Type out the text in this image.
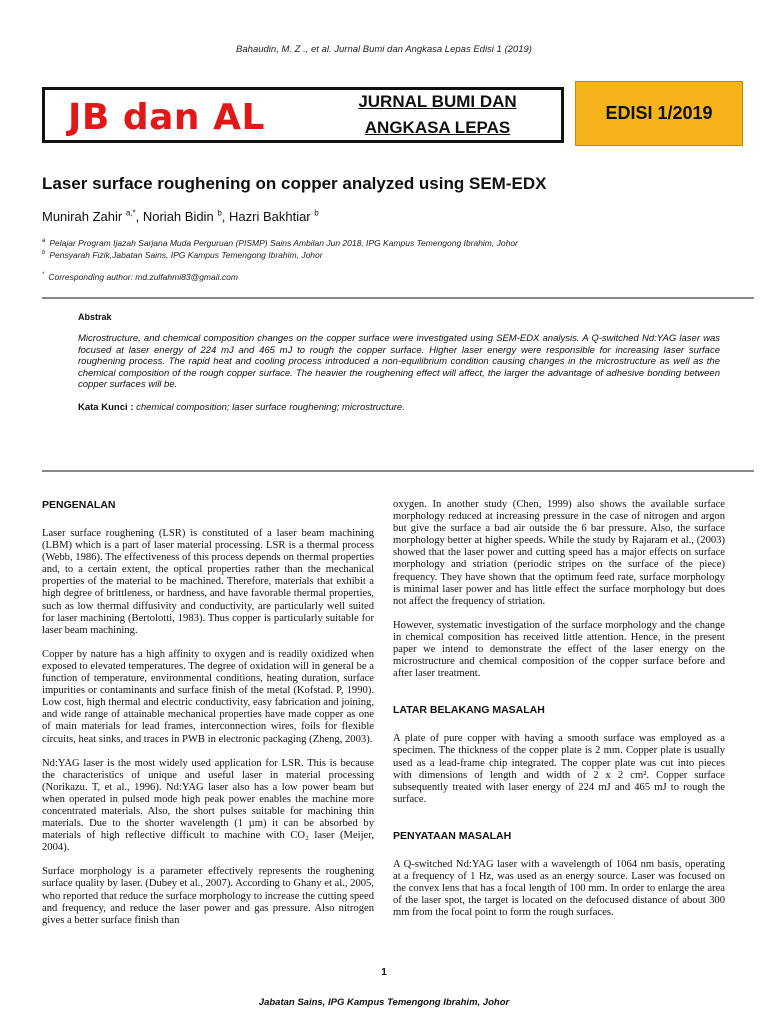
Bahaudin, M. Z ., et al. Jurnal Bumi dan Angkasa Lepas Edisi 1 (2019)
JB dan AL	JURNAL BUMI DAN
ANGKASA LEPAS
EDISI 1/2019
Laser surface roughening on copper analyzed using SEM-EDX
Munirah Zahir $^{a,*}$, Noriah Bidin $^b$, Hazri Bakhtiar $^b$
$^a$ Pelajar Program Ijazah Sarjana Muda Perguruan (PISMP) Sains Ambilan Jun 2018, IPG Kampus Temengong Ibrahim, Johor
$^b$ Pensyarah Fizik,Jabatan Sains, IPG Kampus Temengong Ibrahim, Johor
* Corresponding author: md.zulfahmi83@gmail.com
Abstrak
Microstructure, and chemical composition changes on the copper surface were investigated using SEM-EDX analysis. A Q-switched Nd:YAG laser was focused at laser energy of 224 mJ and 465 mJ to rough the copper surface. Higher laser energy were responsible for increasing laser surface roughening process. The rapid heat and cooling process introduced a non-equilibrium condition causing changes in the microstructure as well as the chemical composition of the rough copper surface. The heavier the roughening effect will affect, the larger the advantage of adhesive bonding between copper surfaces will be.
Kata Kunci : chemical composition; laser surface roughening; microstructure.
PENGENALAN

Laser surface roughening (LSR) is constituted of a laser beam machining (LBM) which is a part of laser material processing. LSR is a thermal process (Webb, 1986). The effectiveness of this process depends on thermal properties and, to a certain extent, the optical properties rather than the mechanical properties of the material to be machined. Therefore, materials that exhibit a high degree of brittleness, or hardness, and have favorable thermal properties, such as low thermal diffusivity and conductivity, are particularly well suited for laser machining (Bertolotti, 1983). Thus copper is particularly suitable for laser beam machining.

Copper by nature has a high affinity to oxygen and is readily oxidized when exposed to elevated temperatures. The degree of oxidation will in general be a function of temperature, environmental conditions, heating duration, surface impurities or contaminants and surface finish of the metal (Kofstad. P, 1990). Low cost, high thermal and electric conductivity, easy fabrication and joining, and wide range of attainable mechanical properties have made copper as one of main materials for lead frames, interconnection wires, foils for flexible circuits, heat sinks, and traces in PWB in electronic packaging (Zheng, 2003).

Nd:YAG laser is the most widely used application for LSR. This is because the characteristics of unique and useful laser in material processing (Norikazu. T, et al., 1996). Nd:YAG laser also has a low power beam but when operated in pulsed mode high peak power enables the machine more concentrated materials. Also, the short pulses suitable for machining thin materials. Due to the shorter wavelength (1 µm) it can be absorbed by materials of high reflective difficult to machine with CO₂ laser (Meijer, 2004).

Surface morphology is a parameter effectively represents the roughening surface quality by laser. (Dubey et al., 2007). According to Ghany et al., 2005, who reported that reduce the surface morphology to increase the cutting speed and frequency, and reduce the laser power and gas pressure. Also nitrogen gives a better surface finish than

oxygen. In another study (Chen, 1999) also shows the available surface morphology reduced at increasing pressure in the case of nitrogen and argon but give the surface a bad air outside the 6 bar pressure. Also, the surface morphology better at higher speeds. While the study by Rajaram et al., (2003) showed that the laser power and cutting speed has a major effects on surface morphology and striation (periodic stripes on the surface of the piece) frequency. They have shown that the optimum feed rate, surface morphology is minimal laser power and has little effect the surface morphology but does not affect the frequency of striation.

However, systematic investigation of the surface morphology and the change in chemical composition has received little attention. Hence, in the present paper we intend to demonstrate the effect of the laser energy on the microstructure and chemical composition of the copper surface before and after laser treatment.

LATAR BELAKANG MASALAH

A plate of pure copper with having a smooth surface was employed as a specimen. The thickness of the copper plate is 2 mm. Copper plate is usually used as a lead-frame chip integrated. The copper plate was cut into pieces with dimensions of length and width of 2 x 2 cm². Copper surface subsequently treated with laser energy of 224 mJ and 465 mJ to rough the surface.

PENYATAAN MASALAH

A Q-switched Nd:YAG laser with a wavelength of 1064 nm basis, operating at a frequency of 1 Hz, was used as an energy source. Laser was focused on the convex lens that has a focal length of 100 mm. In order to enlarge the area of the laser spot, the target is located on the defocused distance of about 300 mm from the focal point to form the rough surfaces.

1
Jabatan Sains, IPG Kampus Temengong Ibrahim, Johor
